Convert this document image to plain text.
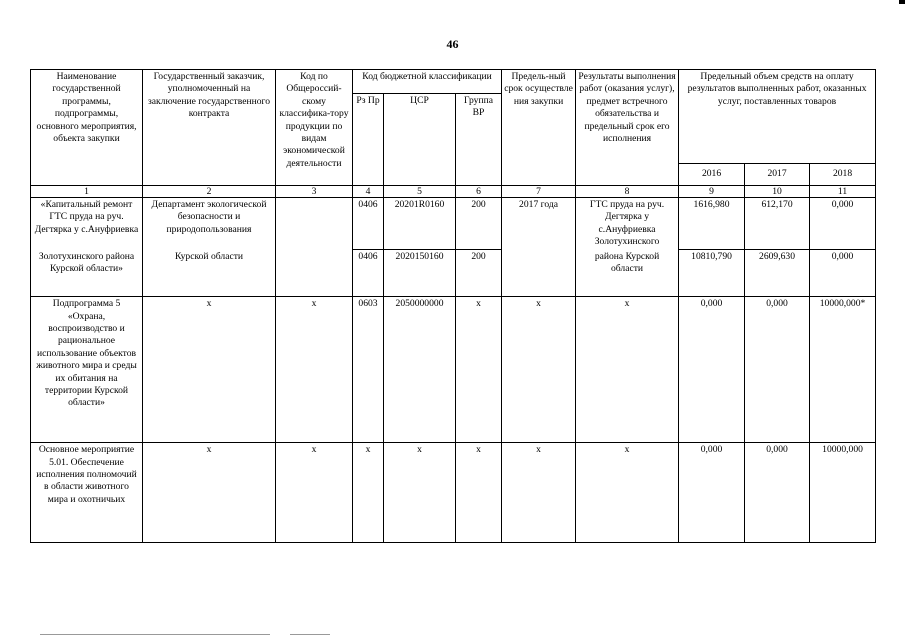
46
Наименование государственной программы, подпрограммы, основного мероприятия, объекта закупки	Государственный заказчик, уполномоченный на заключение государственного контракта	Код по Общероссий-скому классифика-тору продукции по видам экономической деятельности	Код бюджетной классификации			Предель-ный срок осуществле ния закупки	Результаты выполнения работ (оказания услуг), предмет встречного обязательства и предельный срок его исполнения	Предельный объем средств на оплату результатов выполненных работ, оказанных услуг, поставленных товаров		
			Рз Пр	ЦСР	Группа ВР					
								2016	2017	2018
1	2	3	4	5	6	7	8	9	10	11
«Капитальный ремонт ГТС пруда на руч. Дегтярка у с.Ануфриевка	Департамент экологической безопасности и природопользования		0406	20201R0160	200	2017 года	ГТС пруда на руч. Дегтярка у с.Ануфриевка Золотухинского	1616,980	612,170	0,000
Золотухинского района Курской области»	Курской области		0406	2020150160	200		района Курской области	10810,790	2609,630	0,000
Подпрограмма 5 «Охрана, воспроизводство и рациональное использование объектов животного мира и среды их обитания на территории Курской области»	x	x	0603	2050000000	x	x	x	0,000	0,000	10000,000*
Основное мероприятие 5.01. Обеспечение исполнения полномочий в области животного мира и охотничьих	x	x	x	x	x	x	x	0,000	0,000	10000,000
